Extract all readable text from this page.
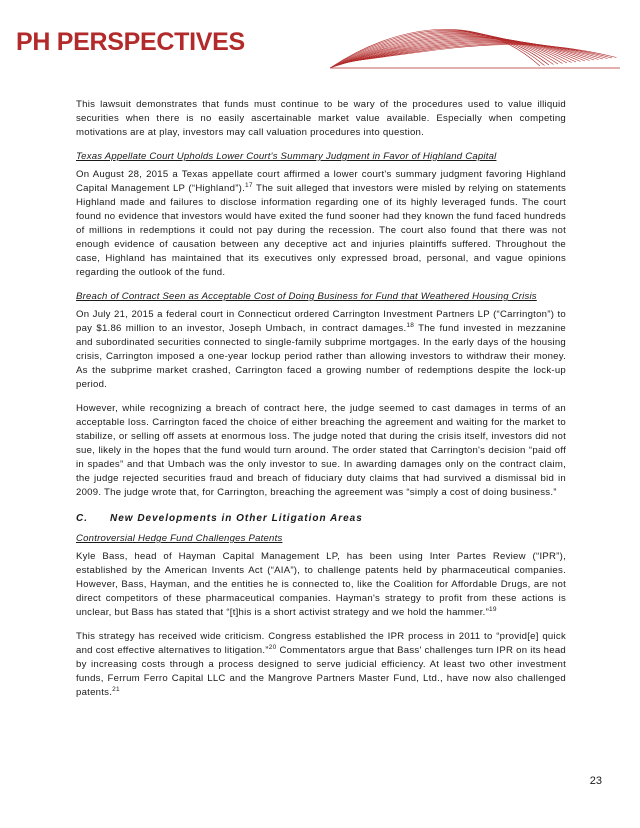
PH PERSPECTIVES

This lawsuit demonstrates that funds must continue to be wary of the procedures used to value illiquid securities when there is no easily ascertainable market value available. Especially when competing motivations are at play, investors may call valuation procedures into question.

Texas Appellate Court Upholds Lower Court's Summary Judgment in Favor of Highland Capital

On August 28, 2015 a Texas appellate court affirmed a lower court's summary judgment favoring Highland Capital Management LP (“Highland”).$^{17}$ The suit alleged that investors were misled by relying on statements Highland made and failures to disclose information regarding one of its highly leveraged funds. The court found no evidence that investors would have exited the fund sooner had they known the fund faced hundreds of millions in redemptions it could not pay during the recession. The court also found that there was not enough evidence of causation between any deceptive act and injuries plaintiffs suffered. Throughout the case, Highland has maintained that its executives only expressed broad, personal, and vague opinions regarding the outlook of the fund.

Breach of Contract Seen as Acceptable Cost of Doing Business for Fund that Weathered Housing Crisis

On July 21, 2015 a federal court in Connecticut ordered Carrington Investment Partners LP (“Carrington”) to pay $1.86 million to an investor, Joseph Umbach, in contract damages.$^{18}$ The fund invested in mezzanine and subordinated securities connected to single-family subprime mortgages. In the early days of the housing crisis, Carrington imposed a one-year lockup period rather than allowing investors to withdraw their money. As the subprime market crashed, Carrington faced a growing number of redemptions despite the lock-up period.

However, while recognizing a breach of contract here, the judge seemed to cast damages in terms of an acceptable loss. Carrington faced the choice of either breaching the agreement and waiting for the market to stabilize, or selling off assets at enormous loss. The judge noted that during the crisis itself, investors did not sue, likely in the hopes that the fund would turn around. The order stated that Carrington's decision “paid off in spades” and that Umbach was the only investor to sue. In awarding damages only on the contract claim, the judge rejected securities fraud and breach of fiduciary duty claims that had survived a dismissal bid in 2009. The judge wrote that, for Carrington, breaching the agreement was “simply a cost of doing business.”

C. New Developments in Other Litigation Areas
Controversial Hedge Fund Challenges Patents

Kyle Bass, head of Hayman Capital Management LP, has been using Inter Partes Review (“IPR”), established by the American Invents Act (“AIA”), to challenge patents held by pharmaceutical companies. However, Bass, Hayman, and the entities he is connected to, like the Coalition for Affordable Drugs, are not direct competitors of these pharmaceutical companies. Hayman's strategy to profit from these actions is unclear, but Bass has stated that “[t]his is a short activist strategy and we hold the hammer.”$^{19}$

This strategy has received wide criticism. Congress established the IPR process in 2011 to “provid[e] quick and cost effective alternatives to litigation.”$^{20}$ Commentators argue that Bass' challenges turn IPR on its head by increasing costs through a process designed to serve judicial efficiency. At least two other investment funds, Ferrum Ferro Capital LLC and the Mangrove Partners Master Fund, Ltd., have now also challenged patents.$^{21}$

23
